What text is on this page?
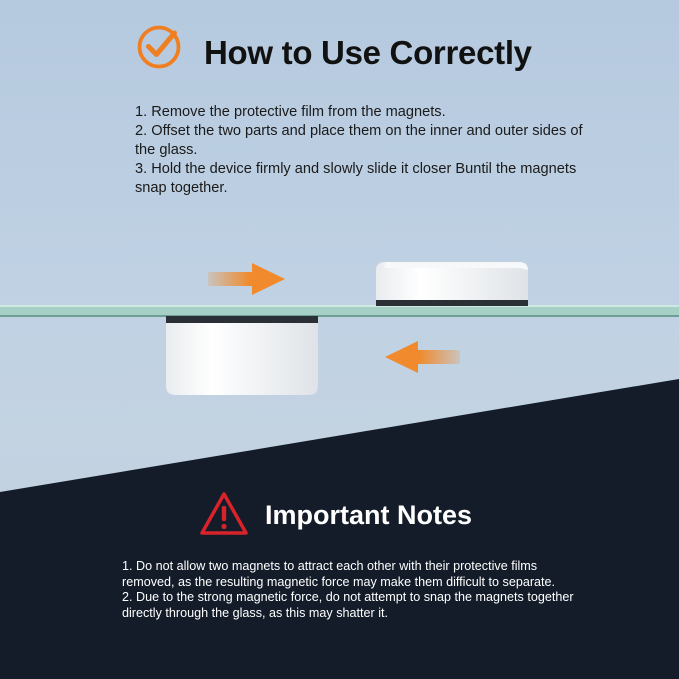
How to Use Correctly
1. Remove the protective film from the magnets.
2. Offset the two parts and place them on the inner and outer sides of the glass.
3. Hold the device firmly and slowly slide it closer Buntil the magnets snap together.
Important Notes
1. Do not allow two magnets to attract each other with their protective films removed, as the resulting magnetic force may make them difficult to separate.
2. Due to the strong magnetic force, do not attempt to snap the magnets together directly through the glass, as this may shatter it.
